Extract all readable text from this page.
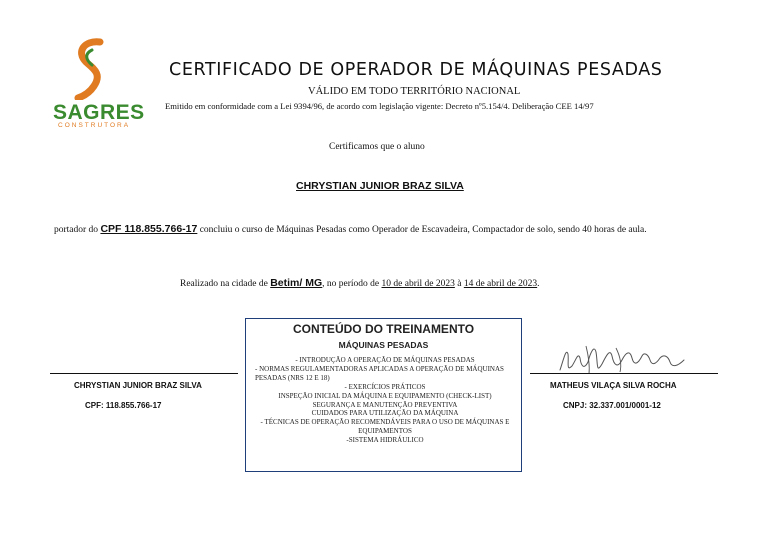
SAGRES
CONSTRUTORA
CERTIFICADO DE OPERADOR DE MÁQUINAS PESADAS
VÁLIDO EM TODO TERRITÓRIO NACIONAL
Emitido em conformidade com a Lei 9394/96, de acordo com legislação vigente: Decreto nº5.154/4. Deliberação CEE 14/97
Certificamos que o aluno
CHRYSTIAN JUNIOR BRAZ SILVA
portador do CPF 118.855.766-17 concluiu o curso de Máquinas Pesadas como Operador de Escavadeira, Compactador de solo, sendo 40 horas de aula.
Realizado na cidade de Betim/ MG, no período de 10 de abril de 2023 à 14 de abril de 2023.
CONTEÚDO DO TREINAMENTO
MÁQUINAS PESADAS
- INTRODUÇÃO A OPERAÇÃO DE MÁQUINAS PESADAS
- NORMAS REGULAMENTADORAS APLICADAS A OPERAÇÃO DE MÁQUINAS PESADAS (NRS 12 E 18)
- EXERCÍCIOS PRÁTICOS
INSPEÇÃO INICIAL DA MÁQUINA E EQUIPAMENTO (CHECK-LIST)
SEGURANÇA E MANUTENÇÃO PREVENTIVA
CUIDADOS PARA UTILIZAÇÃO DA MÁQUINA
- TÉCNICAS DE OPERAÇÃO RECOMENDÁVEIS PARA O USO DE MÁQUINAS E EQUIPAMENTOS
-SISTEMA HIDRÁULICO
CHRYSTIAN JUNIOR BRAZ SILVA
CPF: 118.855.766-17
MATHEUS VILAÇA SILVA ROCHA
CNPJ: 32.337.001/0001-12
